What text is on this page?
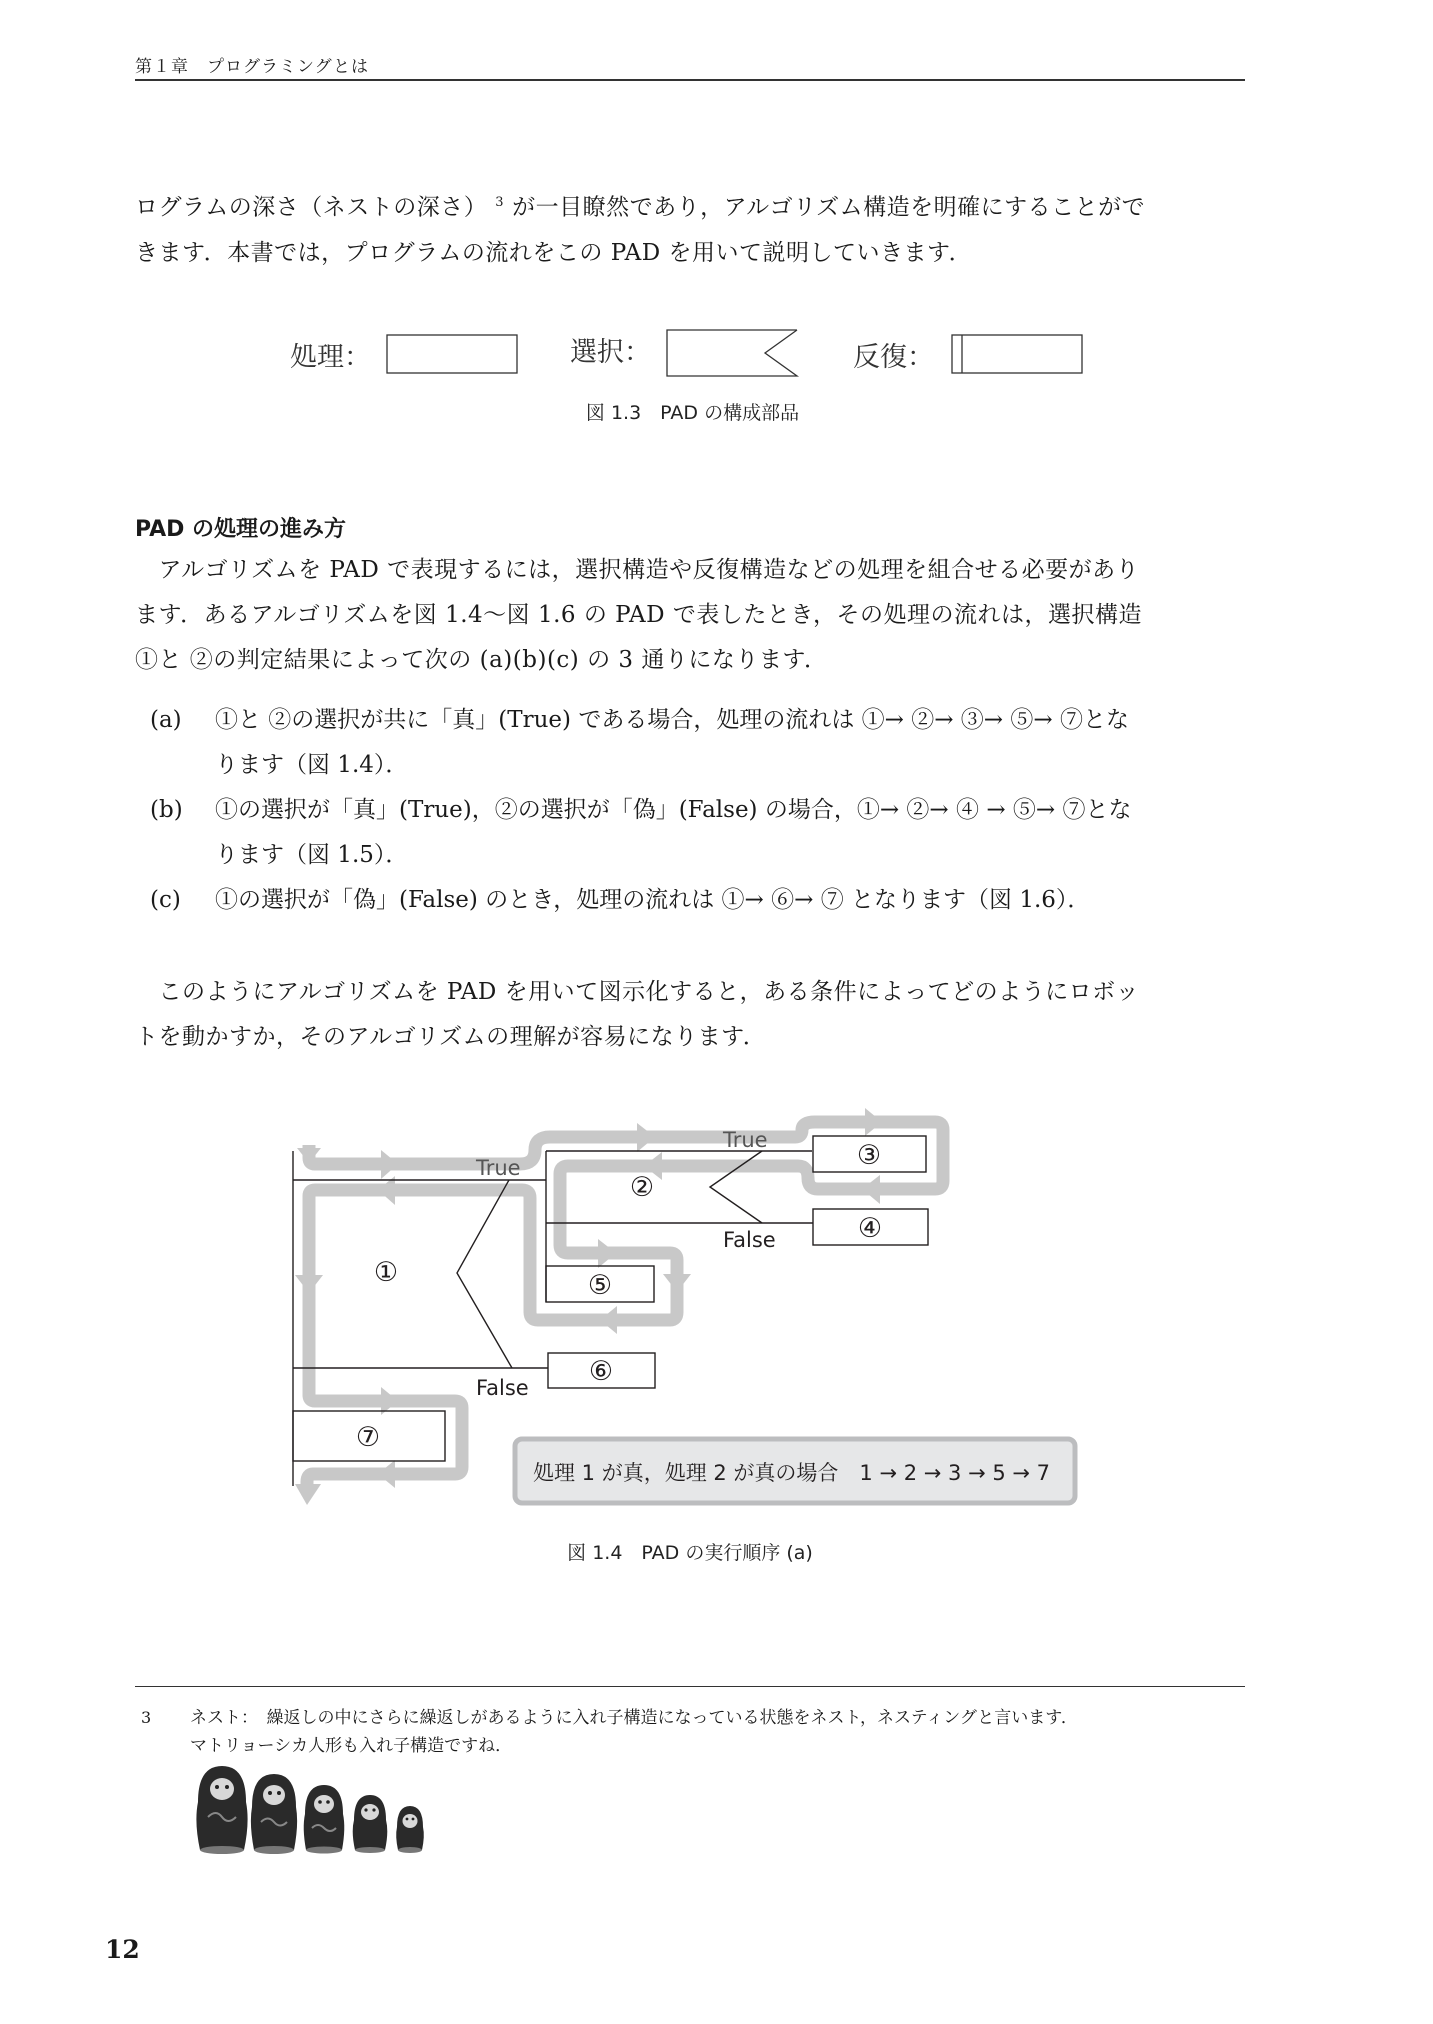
第１章　プログラミングとは
ログラムの深さ（ネストの深さ） $^3$ が一目瞭然であり，アルゴリズム構造を明確にすることがで
きます．本書では，プログラムの流れをこの PAD を用いて説明していきます．
処理：	選択：	反復：
図 1.3　PAD の構成部品
PAD の処理の進み方
　アルゴリズムを PAD で表現するには，選択構造や反復構造などの処理を組合せる必要があり
ます．あるアルゴリズムを図 1.4〜図 1.6 の PAD で表したとき，その処理の流れは，選択構造
①と ②の判定結果によって次の (a)(b)(c) の 3 通りになります．
(a)	①と ②の選択が共に「真」(True) である場合，処理の流れは ①→ ②→ ③→ ⑤→ ⑦とな
ります（図 1.4）．
(b)	①の選択が「真」(True)，②の選択が「偽」(False) の場合，①→ ②→ ④ → ⑤→ ⑦とな
ります（図 1.5）．
(c)	①の選択が「偽」(False) のとき，処理の流れは ①→ ⑥→ ⑦ となります（図 1.6）．
　このようにアルゴリズムを PAD を用いて図示化すると，ある条件によってどのようにロボッ
トを動かすか，そのアルゴリズムの理解が容易になります．
①
②
③
④
⑤
⑥
⑦
True
False
True
False
処理 1 が真，処理 2 が真の場合　1 → 2 → 3 → 5 → 7
図 1.4　PAD の実行順序 (a)
3 ネスト：　繰返しの中にさらに繰返しがあるように入れ子構造になっている状態をネスト，ネスティングと言います．
マトリョーシカ人形も入れ子構造ですね．
12
